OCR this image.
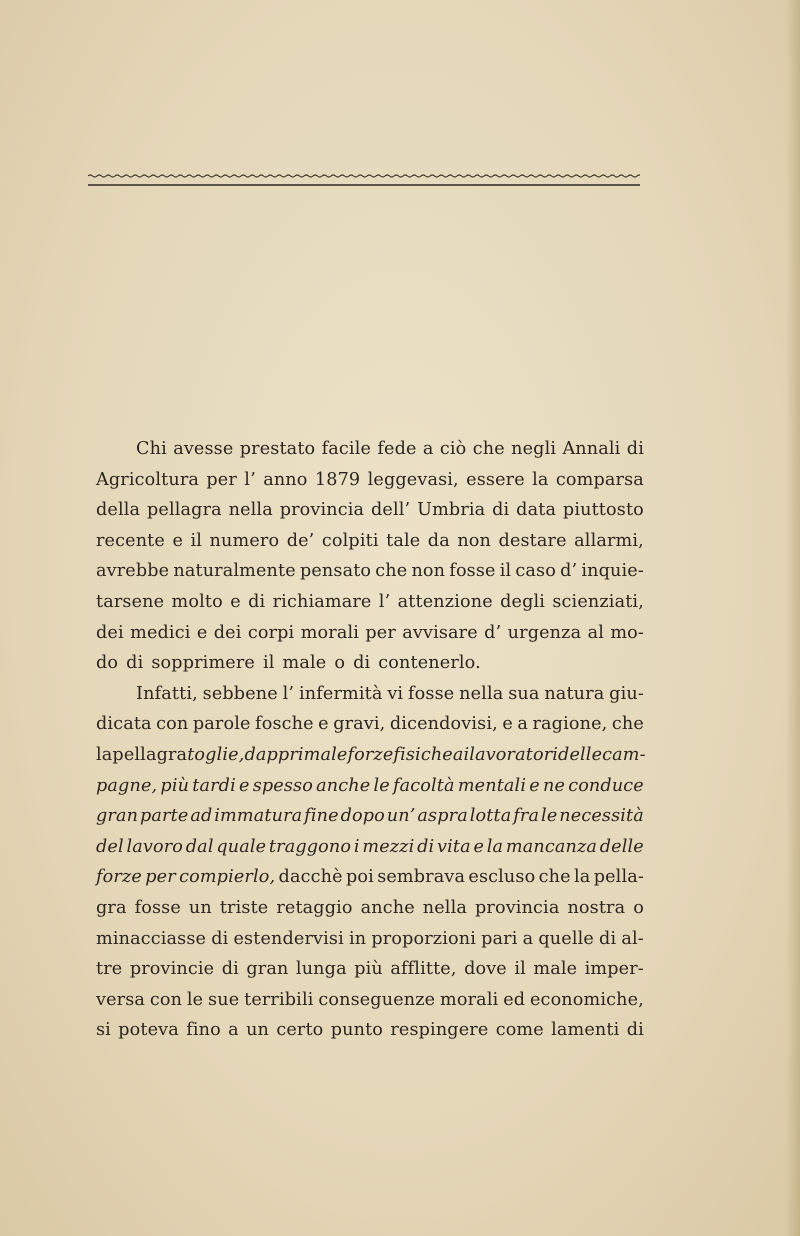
Chi avesse prestato facile fede a ciò che negli Annali di
Agricoltura per l’ anno 1879 leggevasi, essere la comparsa
della pellagra nella provincia dell’ Umbria di data piuttosto
recente e il numero de’ colpiti tale da non destare allarmi,
avrebbe naturalmente pensato che non fosse il caso d’ inquie-
tarsene molto e di richiamare l’ attenzione degli scienziati,
dei medici e dei corpi morali per avvisare d’ urgenza al mo-
do di sopprimere il male o di contenerlo.
Infatti, sebbene l’ infermità vi fosse nella sua natura giu-
dicata con parole fosche e gravi, dicendovisi, e a ragione, che
la pellagra toglie, dapprima le forze fisiche ai lavoratori delle cam-
pagne, più tardi e spesso anche le facoltà mentali e ne conduce
gran parte ad immatura fine dopo un’ aspra lotta fra le necessità
del lavoro dal quale traggono i mezzi di vita e la mancanza delle
forze per compierlo, dacchè poi sembrava escluso che la pella-
gra fosse un triste retaggio anche nella provincia nostra o
minacciasse di estendervisi in proporzioni pari a quelle di al-
tre provincie di gran lunga più afflitte, dove il male imper-
versa con le sue terribili conseguenze morali ed economiche,
si poteva fino a un certo punto respingere come lamenti di
